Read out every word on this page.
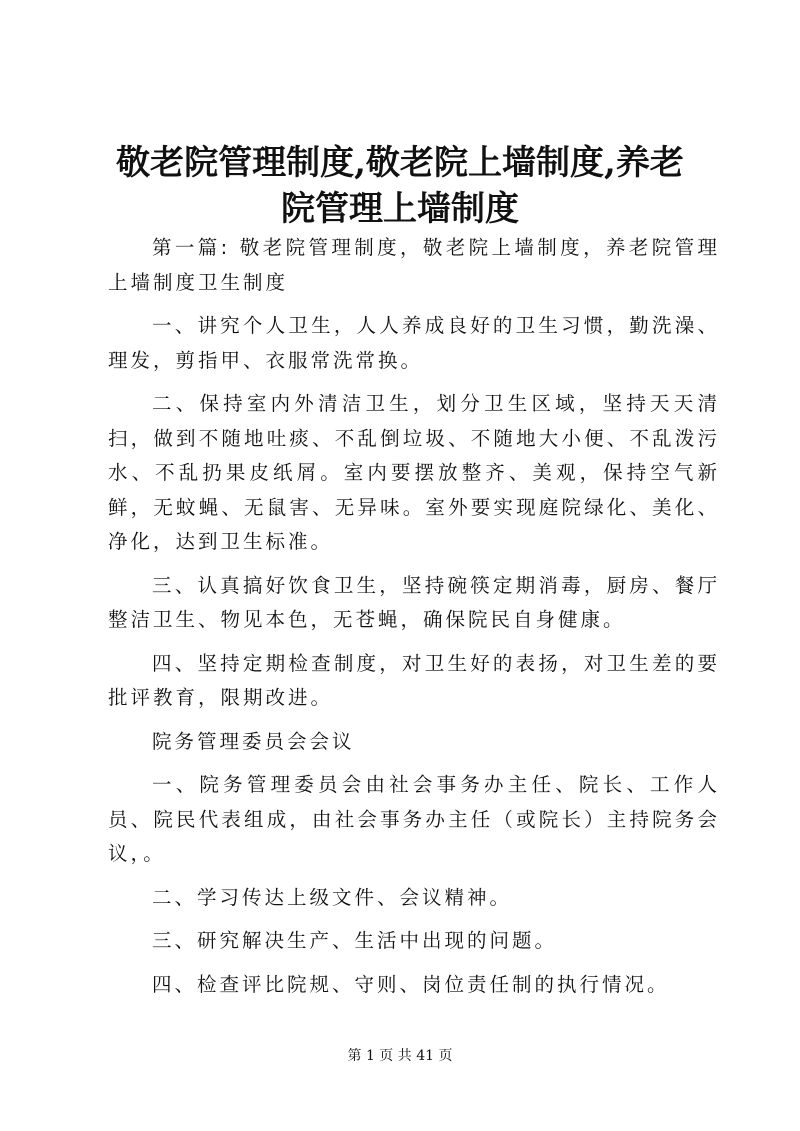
敬老院管理制度,敬老院上墙制度,养老院管理上墙制度

第一篇: 敬老院管理制度，敬老院上墙制度，养老院管理上墙制度卫生制度

一、讲究个人卫生，人人养成良好的卫生习惯，勤洗澡、理发，剪指甲、衣服常洗常换。

二、保持室内外清洁卫生，划分卫生区域，坚持天天清扫，做到不随地吐痰、不乱倒垃圾、不随地大小便、不乱泼污水、不乱扔果皮纸屑。室内要摆放整齐、美观，保持空气新鲜，无蚊蝇、无鼠害、无异味。室外要实现庭院绿化、美化、净化，达到卫生标准。

三、认真搞好饮食卫生，坚持碗筷定期消毒，厨房、餐厅整洁卫生、物见本色，无苍蝇，确保院民自身健康。

四、坚持定期检查制度，对卫生好的表扬，对卫生差的要批评教育，限期改进。

院务管理委员会会议

一、院务管理委员会由社会事务办主任、院长、工作人员、院民代表组成，由社会事务办主任（或院长）主持院务会议，。

二、学习传达上级文件、会议精神。

三、研究解决生产、生活中出现的问题。

四、检查评比院规、守则、岗位责任制的执行情况。

第 1 页 共 41 页
